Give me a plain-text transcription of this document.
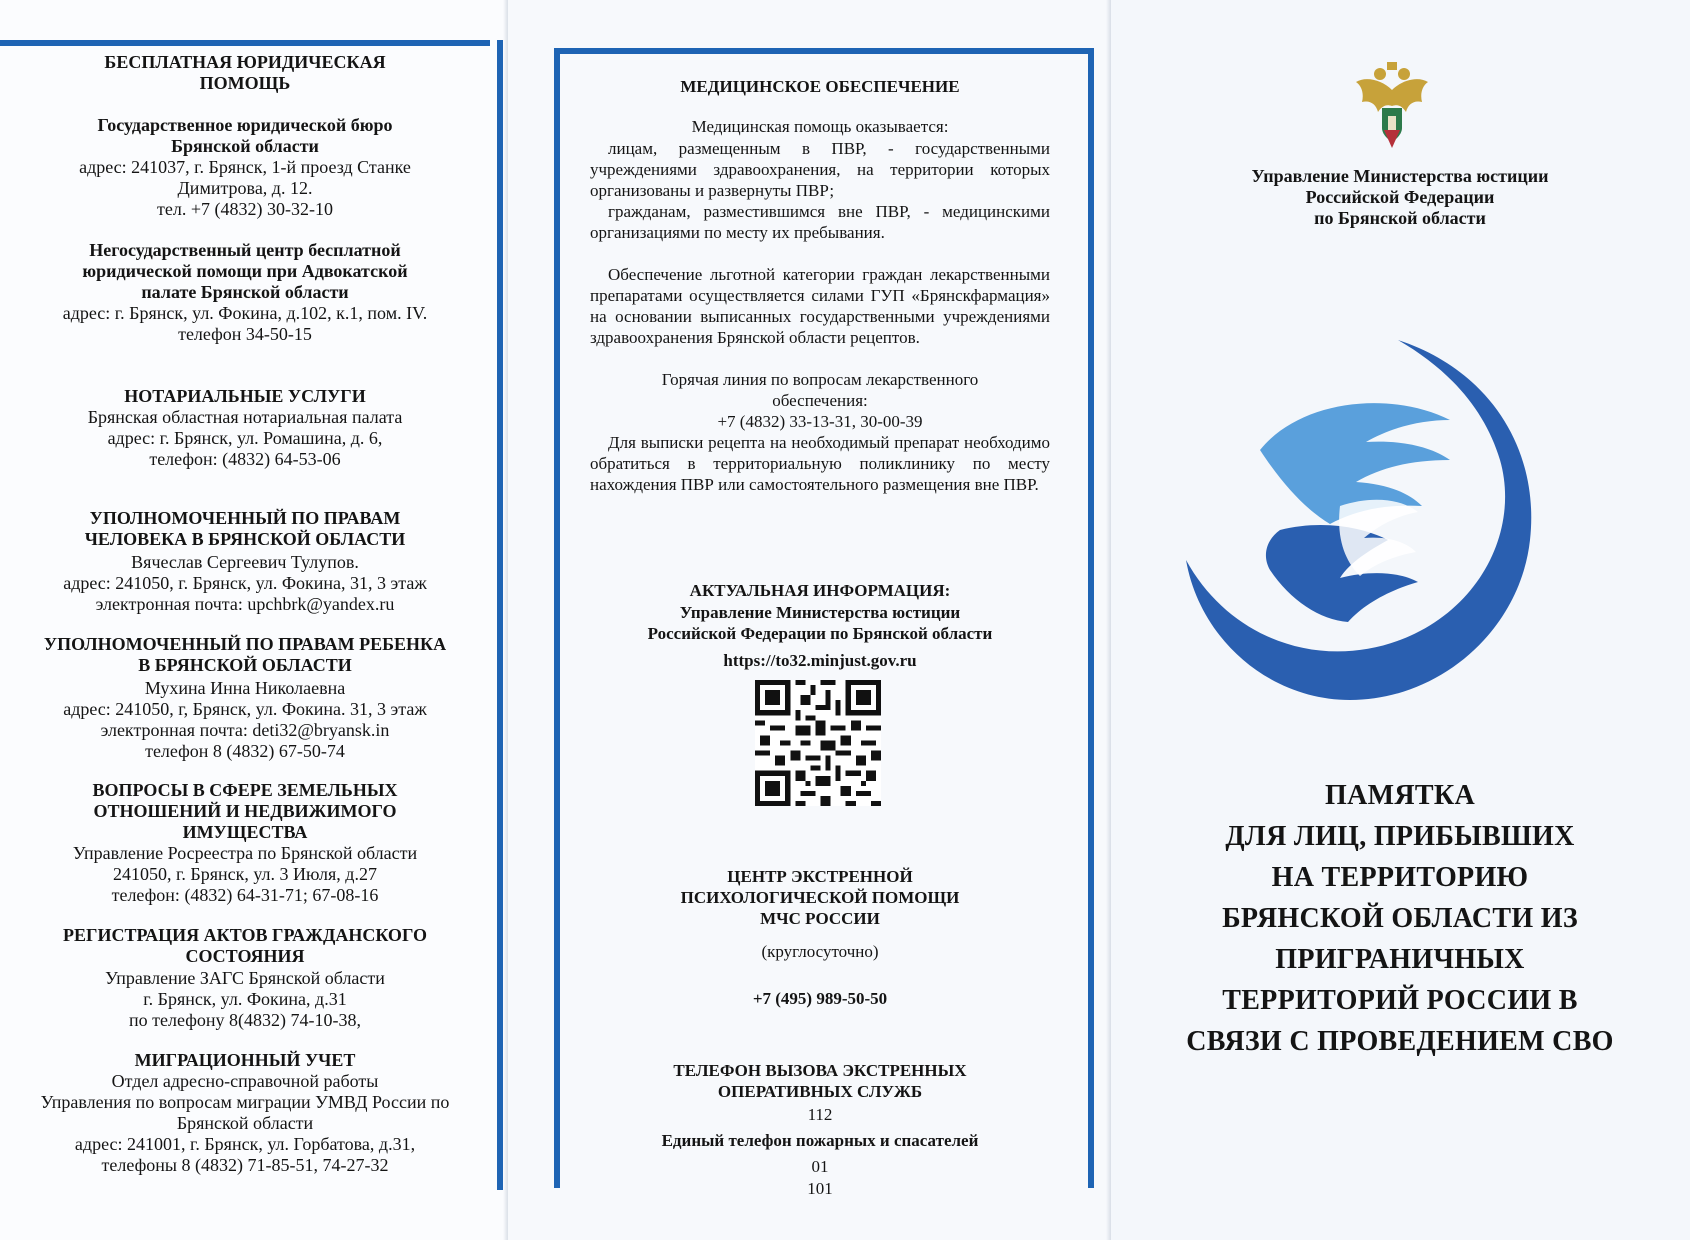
БЕСПЛАТНАЯ ЮРИДИЧЕСКАЯ
ПОМОЩЬ
Государственное юридической бюро
Брянской области
адрес: 241037, г. Брянск, 1-й проезд Станке
Димитрова, д. 12.
тел. +7 (4832) 30-32-10
Негосударственный центр бесплатной
юридической помощи при Адвокатской
палате Брянской области
адрес: г. Брянск, ул. Фокина, д.102, к.1, пом. IV.
телефон 34-50-15
НОТАРИАЛЬНЫЕ УСЛУГИ
Брянская областная нотариальная палата
адрес: г. Брянск, ул. Ромашина, д. 6,
телефон: (4832) 64-53-06
УПОЛНОМОЧЕННЫЙ ПО ПРАВАМ
ЧЕЛОВЕКА В БРЯНСКОЙ ОБЛАСТИ
Вячеслав Сергеевич Тулупов.
адрес: 241050, г. Брянск, ул. Фокина, 31, 3 этаж
электронная почта: upchbrk@yandex.ru
УПОЛНОМОЧЕННЫЙ ПО ПРАВАМ РЕБЕНКА
В БРЯНСКОЙ ОБЛАСТИ
Мухина Инна Николаевна
адрес: 241050, г, Брянск, ул. Фокина. 31, 3 этаж
электронная почта: deti32@bryansk.in
телефон 8 (4832) 67-50-74
ВОПРОСЫ В СФЕРЕ ЗЕМЕЛЬНЫХ
ОТНОШЕНИЙ И НЕДВИЖИМОГО
ИМУЩЕСТВА
Управление Росреестра по Брянской области
241050, г. Брянск, ул. 3 Июля, д.27
телефон: (4832) 64-31-71; 67-08-16
РЕГИСТРАЦИЯ АКТОВ ГРАЖДАНСКОГО
СОСТОЯНИЯ
Управление ЗАГС Брянской области
г. Брянск, ул. Фокина, д.31
по телефону 8(4832) 74-10-38,
МИГРАЦИОННЫЙ УЧЕТ
Отдел адресно-справочной работы
Управления по вопросам миграции УМВД России по
Брянской области
адрес: 241001, г. Брянск, ул. Горбатова, д.31,
телефоны 8 (4832) 71-85-51, 74-27-32
МЕДИЦИНСКОЕ ОБЕСПЕЧЕНИЕ
Медицинская помощь оказывается:
лицам, размещенным в ПВР, - государственными учреждениями здравоохранения, на территории которых организованы и развернуты ПВР;
гражданам, разместившимся вне ПВР, - медицинскими организациями по месту их пребывания.
Обеспечение льготной категории граждан лекарственными препаратами осуществляется силами ГУП «Брянскфармация» на основании выписанных государственными учреждениями здравоохранения Брянской области рецептов.
Горячая линия по вопросам лекарственного
обеспечения:
+7 (4832) 33-13-31, 30-00-39
Для выписки рецепта на необходимый препарат необходимо обратиться в территориальную поликлинику по месту нахождения ПВР или самостоятельного размещения вне ПВР.
АКТУАЛЬНАЯ ИНФОРМАЦИЯ:
Управление Министерства юстиции
Российской Федерации по Брянской области
https://to32.minjust.gov.ru
ЦЕНТР ЭКСТРЕННОЙ
ПСИХОЛОГИЧЕСКОЙ ПОМОЩИ
МЧС РОССИИ
(круглосуточно)
+7 (495) 989-50-50
ТЕЛЕФОН ВЫЗОВА ЭКСТРЕННЫХ
ОПЕРАТИВНЫХ СЛУЖБ
112
Единый телефон пожарных и спасателей
01
101
Управление Министерства юстиции
Российской Федерации
по Брянской области
ПАМЯТКА
ДЛЯ ЛИЦ, ПРИБЫВШИХ
НА ТЕРРИТОРИЮ
БРЯНСКОЙ ОБЛАСТИ ИЗ
ПРИГРАНИЧНЫХ
ТЕРРИТОРИЙ РОССИИ В
СВЯЗИ С ПРОВЕДЕНИЕМ СВО
